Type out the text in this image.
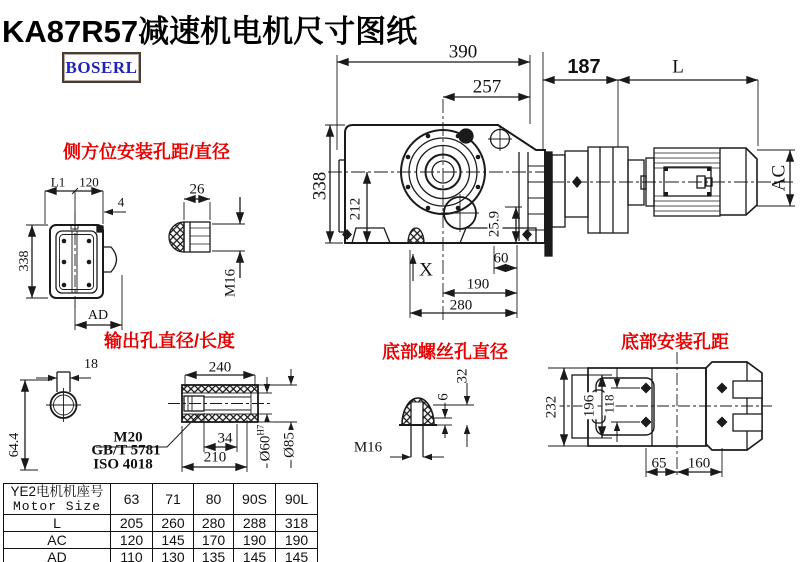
KA87R57减速机电机尺寸图纸
BOSERL
侧方位安装孔距/直径
输出孔直径/长度
底部螺丝孔直径	底部安装孔距
390
257
187	L
AC
338
212
25.9
60
190
280
X
L1 120
4
338
AD
26
M16
18
64.4
240
M20
GB/T 5781
ISO 4018
34
210 $Ø60^{H7}$
Ø85
32
6
M16
232 196 118
65 160
YE2电机机座号
Motor Size	63	71	80	90S	90L
L	205	260	280	288	318
AC	120	145	170	190	190
AD	110	130	135	145	145
